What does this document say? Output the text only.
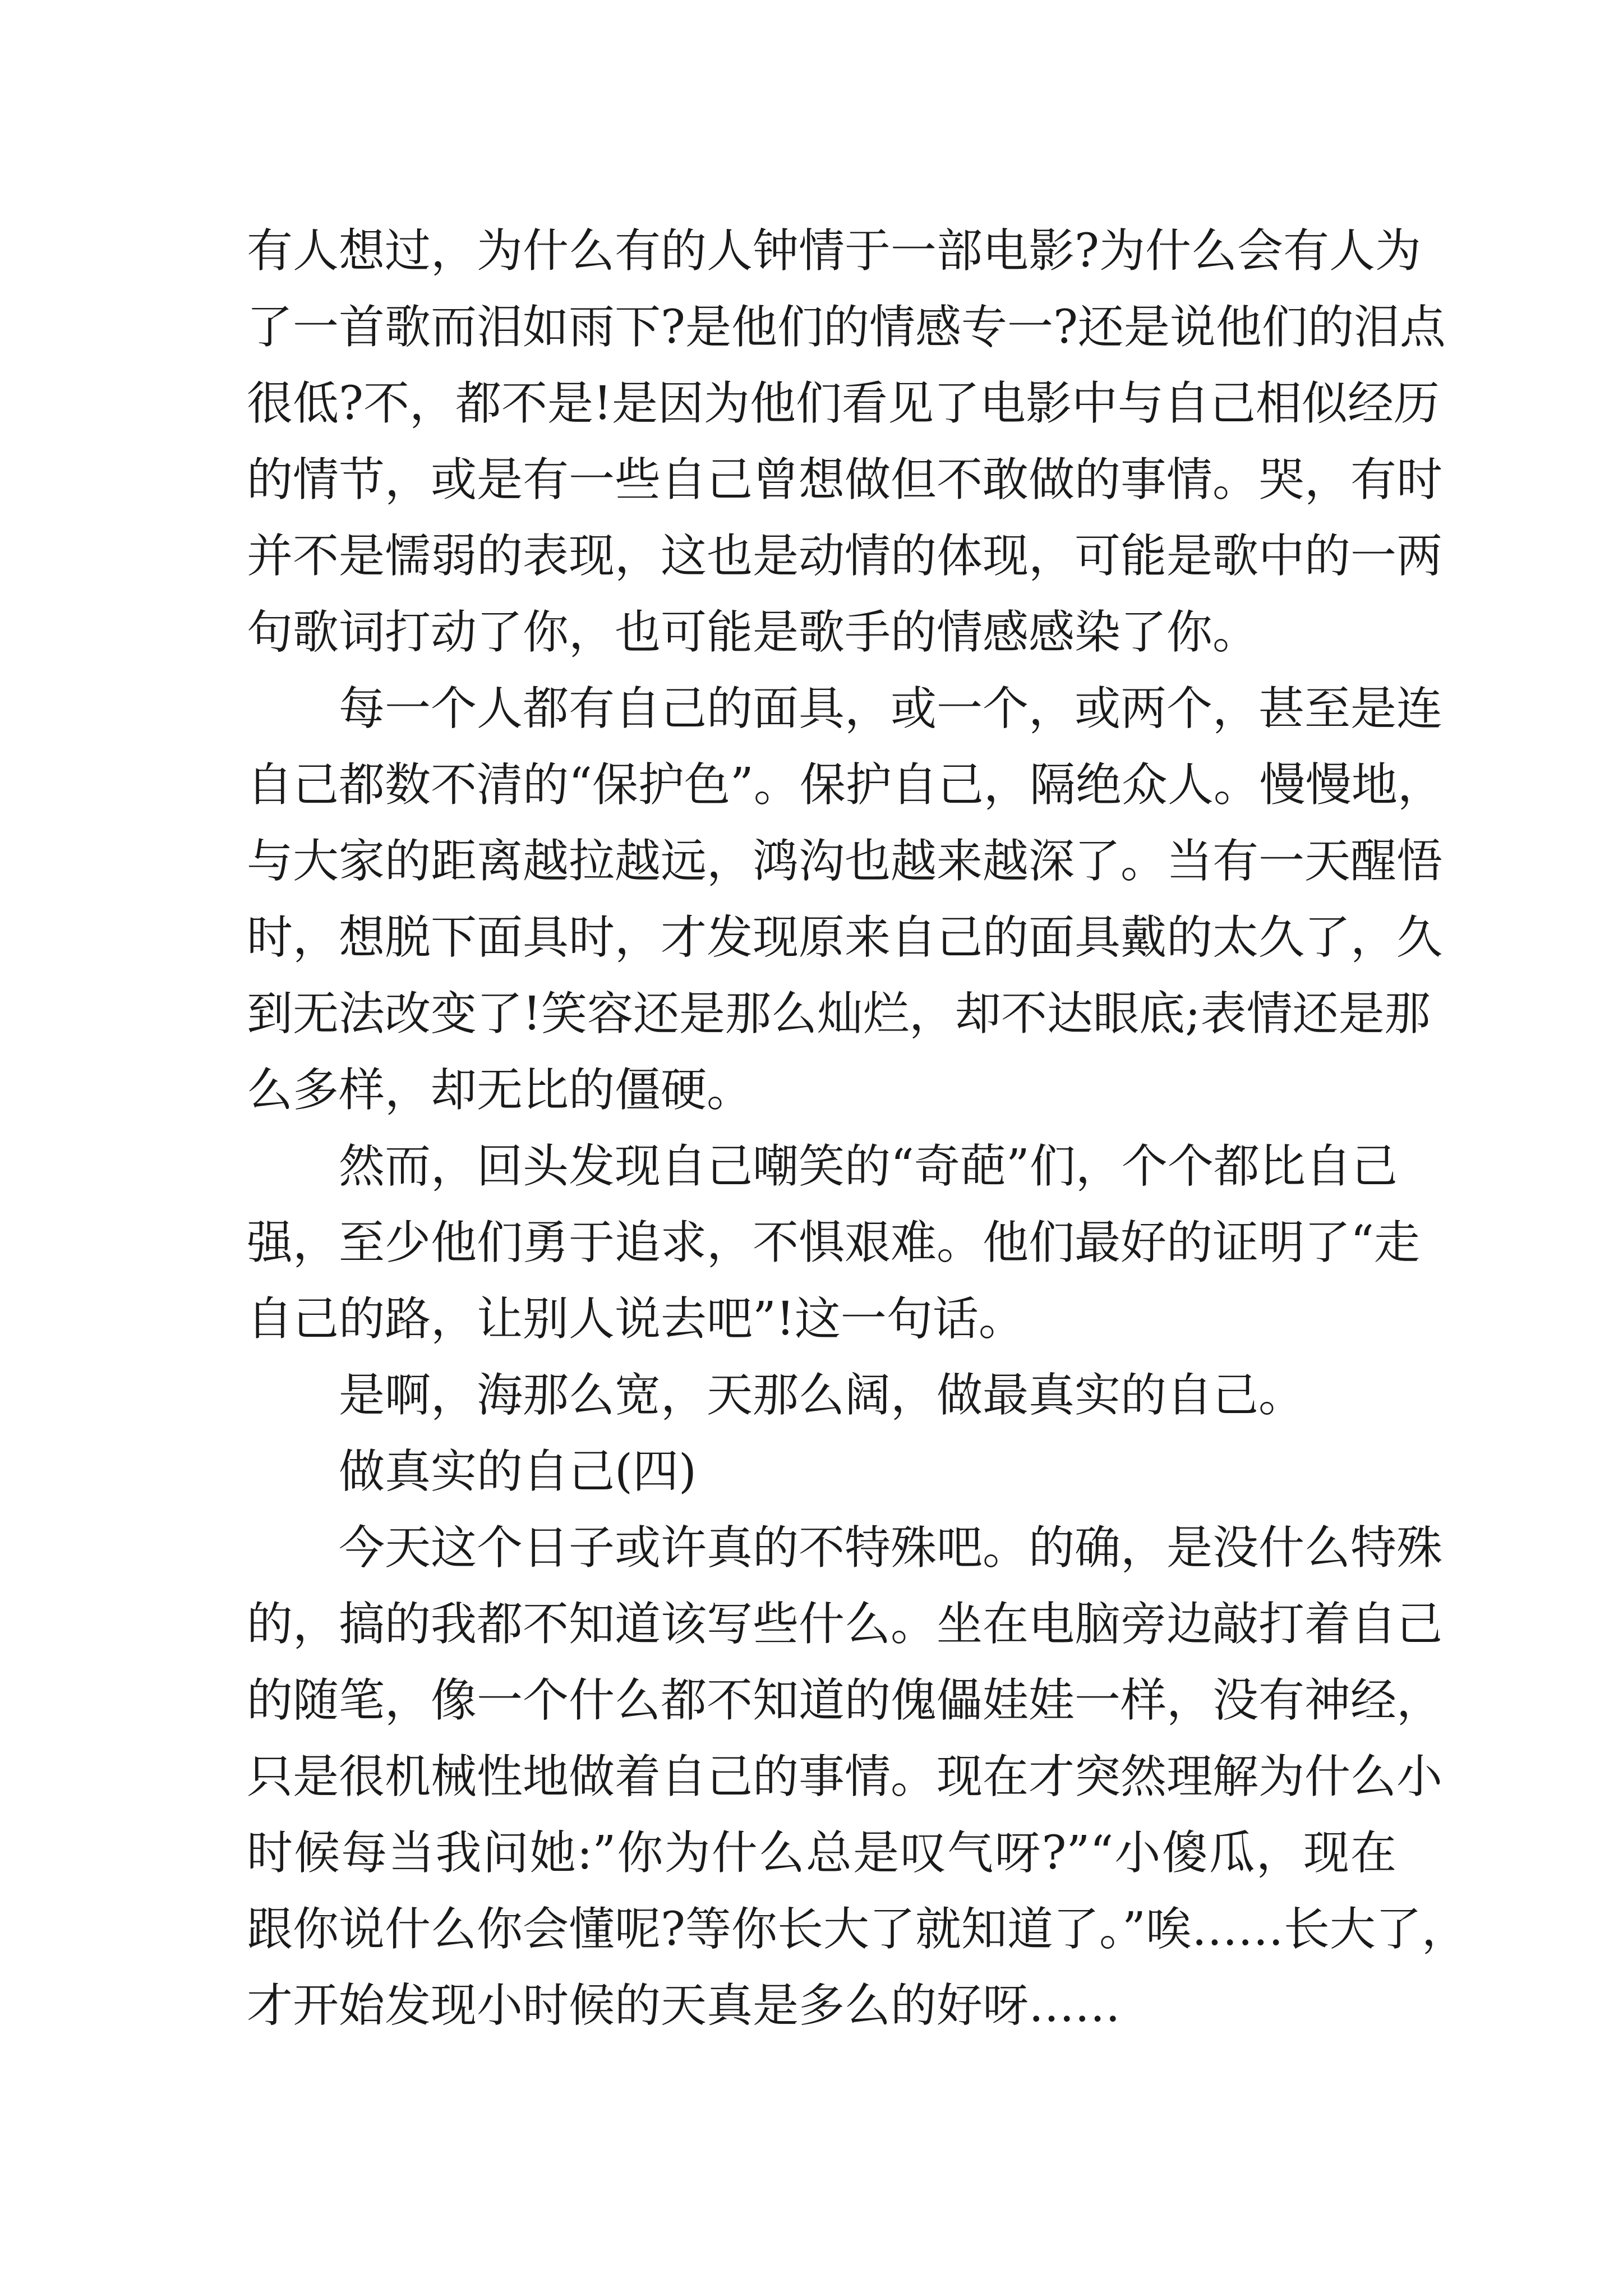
有人想过，为什么有的人钟情于一部电影?为什么会有人为
了一首歌而泪如雨下?是他们的情感专一?还是说他们的泪点
很低?不，都不是!是因为他们看见了电影中与自己相似经历
的情节，或是有一些自己曾想做但不敢做的事情。哭，有时
并不是懦弱的表现，这也是动情的体现，可能是歌中的一两
句歌词打动了你，也可能是歌手的情感感染了你。
每一个人都有自己的面具，或一个，或两个，甚至是连
自己都数不清的“保护色”。保护自己，隔绝众人。慢慢地，
与大家的距离越拉越远，鸿沟也越来越深了。当有一天醒悟
时，想脱下面具时，才发现原来自己的面具戴的太久了，久
到无法改变了!笑容还是那么灿烂，却不达眼底;表情还是那
么多样，却无比的僵硬。
然而，回头发现自己嘲笑的“奇葩”们，个个都比自己
强，至少他们勇于追求，不惧艰难。他们最好的证明了“走
自己的路，让别人说去吧”!这一句话。
是啊，海那么宽，天那么阔，做最真实的自己。
做真实的自己(四)
今天这个日子或许真的不特殊吧。的确，是没什么特殊
的，搞的我都不知道该写些什么。坐在电脑旁边敲打着自己
的随笔，像一个什么都不知道的傀儡娃娃一样，没有神经，
只是很机械性地做着自己的事情。现在才突然理解为什么小
时候每当我问她:”你为什么总是叹气呀?”“小傻瓜，现在
跟你说什么你会懂呢?等你长大了就知道了。”唉……长大了，
才开始发现小时候的天真是多么的好呀……
